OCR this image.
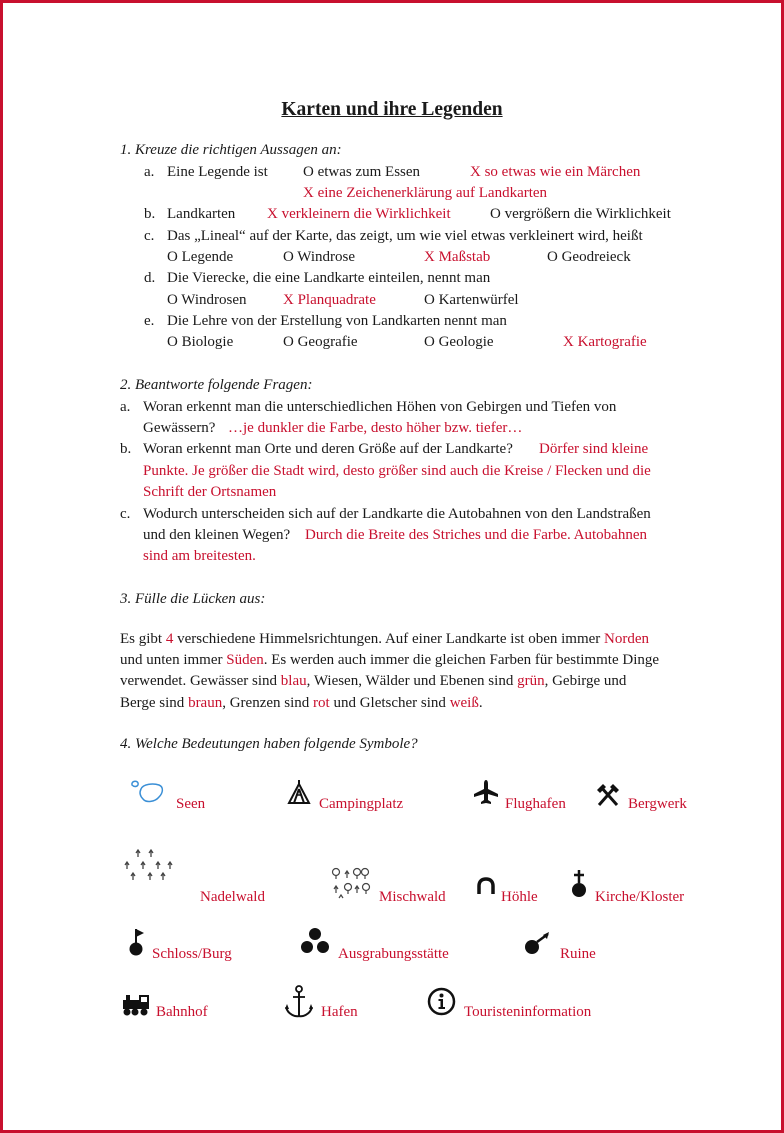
Karten und ihre Legenden
1. Kreuze die richtigen Aussagen an:
a. Eine Legende ist O etwas zum Essen	X so etwas wie ein Märchen
X eine Zeichenerklärung auf Landkarten
b. Landkarten X verkleinern die Wirklichkeit	O vergrößern die Wirklichkeit
c. Das „Lineal“ auf der Karte, das zeigt, um wie viel etwas verkleinert wird, heißt
O Legende	O Windrose	X Maßstab	O Geodreieck
d. Die Vierecke, die eine Landkarte einteilen, nennt man
O Windrosen X Planquadrate	O Kartenwürfel
e. Die Lehre von der Erstellung von Landkarten nennt man
O Biologie	O Geografie	O Geologie	X Kartografie
2. Beantworte folgende Fragen:
a. Woran erkennt man die unterschiedlichen Höhen von Gebirgen und Tiefen von
Gewässern? …je dunkler die Farbe, desto höher bzw. tiefer…
b. Woran erkennt man Orte und deren Größe auf der Landkarte? Dörfer sind kleine
Punkte. Je größer die Stadt wird, desto größer sind auch die Kreise / Flecken und die
Schrift der Ortsnamen
c. Wodurch unterscheiden sich auf der Landkarte die Autobahnen von den Landstraßen
und den kleinen Wegen? Durch die Breite des Striches und die Farbe. Autobahnen
sind am breitesten.
3. Fülle die Lücken aus:
Es gibt 4 verschiedene Himmelsrichtungen. Auf einer Landkarte ist oben immer Norden
und unten immer Süden. Es werden auch immer die gleichen Farben für bestimmte Dinge
verwendet. Gewässer sind blau, Wiesen, Wälder und Ebenen sind grün, Gebirge und
Berge sind braun, Grenzen sind rot und Gletscher sind weiß.
4. Welche Bedeutungen haben folgende Symbole?
Seen	Campingplatz	Flughafen	Bergwerk
Nadelwald	Mischwald	Höhle	Kirche/Kloster
Schloss/Burg	Ausgrabungsstätte	Ruine
Bahnhof	Hafen	Touristeninformation
